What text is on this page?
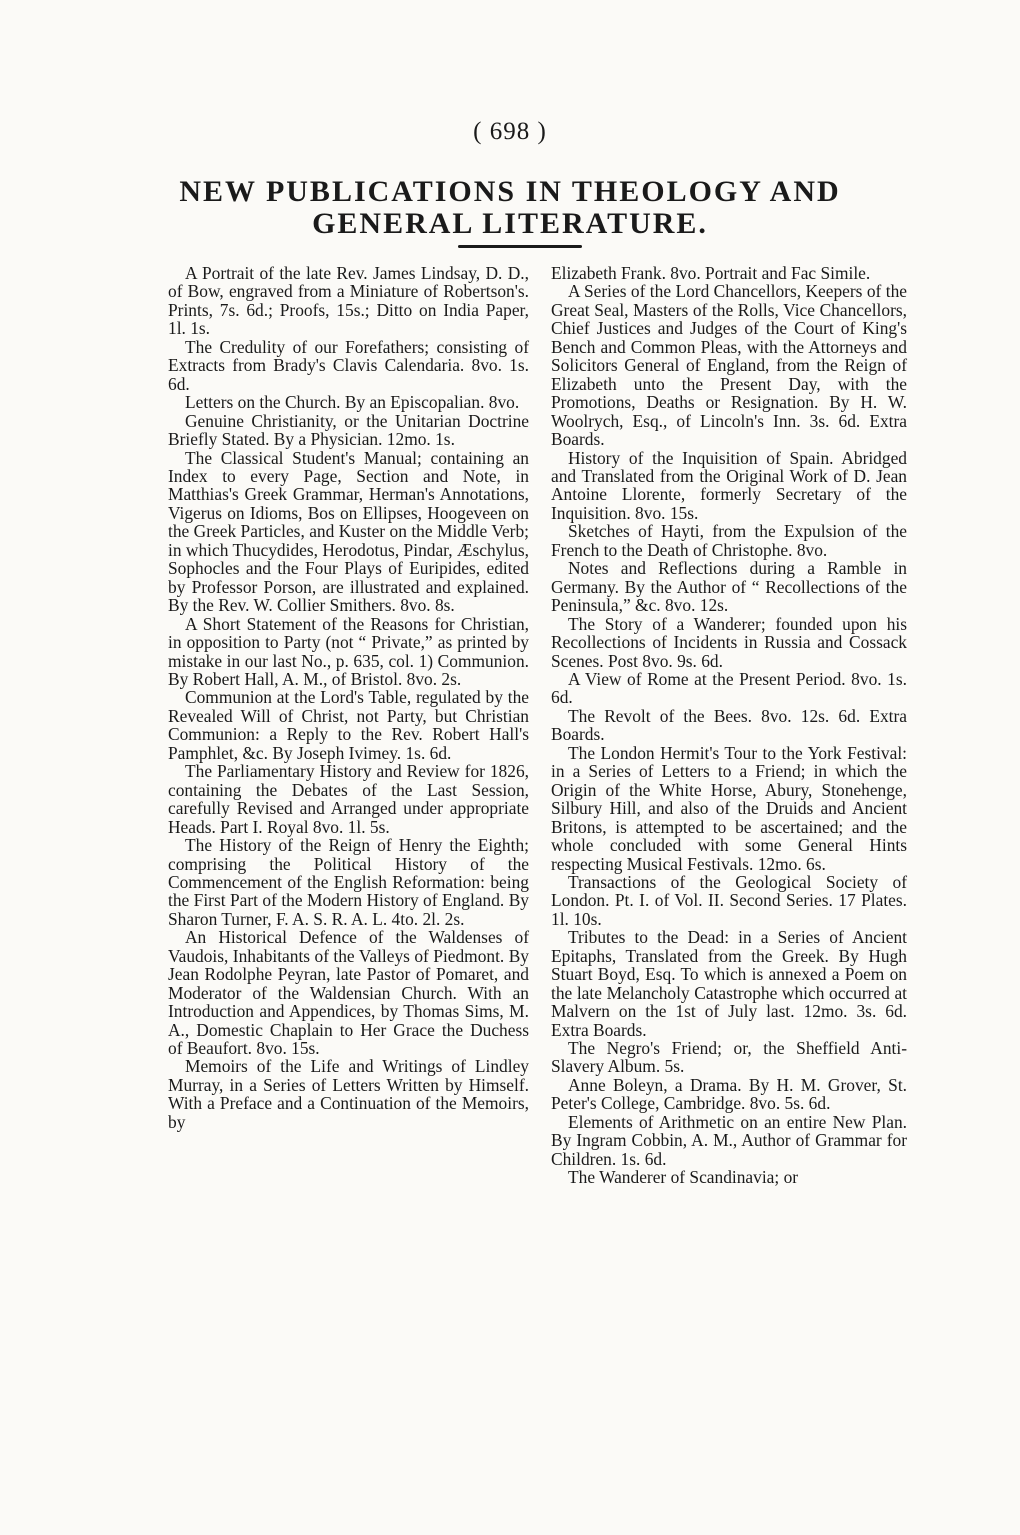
( 698 )
NEW PUBLICATIONS IN THEOLOGY AND
GENERAL LITERATURE.

A Portrait of the late Rev. James Lindsay, D. D., of Bow, engraved from a Miniature of Robertson's. Prints, 7s. 6d.; Proofs, 15s.; Ditto on India Paper, 1l. 1s.

The Credulity of our Forefathers; consisting of Extracts from Brady's Clavis Calendaria. 8vo. 1s. 6d.

Letters on the Church. By an Episcopalian. 8vo.

Genuine Christianity, or the Unitarian Doctrine Briefly Stated. By a Physician. 12mo. 1s.

The Classical Student's Manual; containing an Index to every Page, Section and Note, in Matthias's Greek Grammar, Herman's Annotations, Vigerus on Idioms, Bos on Ellipses, Hoogeveen on the Greek Particles, and Kuster on the Middle Verb; in which Thucydides, Herodotus, Pindar, Æschylus, Sophocles and the Four Plays of Euripides, edited by Professor Porson, are illustrated and explained. By the Rev. W. Collier Smithers. 8vo. 8s.

A Short Statement of the Reasons for Christian, in opposition to Party (not “ Private,” as printed by mistake in our last No., p. 635, col. 1) Communion. By Robert Hall, A. M., of Bristol. 8vo. 2s.

Communion at the Lord's Table, regulated by the Revealed Will of Christ, not Party, but Christian Communion: a Reply to the Rev. Robert Hall's Pamphlet, &c. By Joseph Ivimey. 1s. 6d.

The Parliamentary History and Review for 1826, containing the Debates of the Last Session, carefully Revised and Arranged under appropriate Heads. Part I. Royal 8vo. 1l. 5s.

The History of the Reign of Henry the Eighth; comprising the Political History of the Commencement of the English Reformation: being the First Part of the Modern History of England. By Sharon Turner, F. A. S. R. A. L. 4to. 2l. 2s.

An Historical Defence of the Waldenses of Vaudois, Inhabitants of the Valleys of Piedmont. By Jean Rodolphe Peyran, late Pastor of Pomaret, and Moderator of the Waldensian Church. With an Introduction and Appendices, by Thomas Sims, M. A., Domestic Chaplain to Her Grace the Duchess of Beaufort. 8vo. 15s.

Memoirs of the Life and Writings of Lindley Murray, in a Series of Letters Written by Himself. With a Preface and a Continuation of the Memoirs, by

Elizabeth Frank. 8vo. Portrait and Fac Simile.

A Series of the Lord Chancellors, Keepers of the Great Seal, Masters of the Rolls, Vice Chancellors, Chief Justices and Judges of the Court of King's Bench and Common Pleas, with the Attorneys and Solicitors General of England, from the Reign of Elizabeth unto the Present Day, with the Promotions, Deaths or Resignation. By H. W. Woolrych, Esq., of Lincoln's Inn. 3s. 6d. Extra Boards.

History of the Inquisition of Spain. Abridged and Translated from the Original Work of D. Jean Antoine Llorente, formerly Secretary of the Inquisition. 8vo. 15s.

Sketches of Hayti, from the Expulsion of the French to the Death of Christophe. 8vo.

Notes and Reflections during a Ramble in Germany. By the Author of “ Recollections of the Peninsula,” &c. 8vo. 12s.

The Story of a Wanderer; founded upon his Recollections of Incidents in Russia and Cossack Scenes. Post 8vo. 9s. 6d.

A View of Rome at the Present Period. 8vo. 1s. 6d.

The Revolt of the Bees. 8vo. 12s. 6d. Extra Boards.

The London Hermit's Tour to the York Festival: in a Series of Letters to a Friend; in which the Origin of the White Horse, Abury, Stonehenge, Silbury Hill, and also of the Druids and Ancient Britons, is attempted to be ascertained; and the whole concluded with some General Hints respecting Musical Festivals. 12mo. 6s.

Transactions of the Geological Society of London. Pt. I. of Vol. II. Second Series. 17 Plates. 1l. 10s.

Tributes to the Dead: in a Series of Ancient Epitaphs, Translated from the Greek. By Hugh Stuart Boyd, Esq. To which is annexed a Poem on the late Melancholy Catastrophe which occurred at Malvern on the 1st of July last. 12mo. 3s. 6d. Extra Boards.

The Negro's Friend; or, the Sheffield Anti-Slavery Album. 5s.

Anne Boleyn, a Drama. By H. M. Grover, St. Peter's College, Cambridge. 8vo. 5s. 6d.

Elements of Arithmetic on an entire New Plan. By Ingram Cobbin, A. M., Author of Grammar for Children. 1s. 6d.

The Wanderer of Scandinavia; or
